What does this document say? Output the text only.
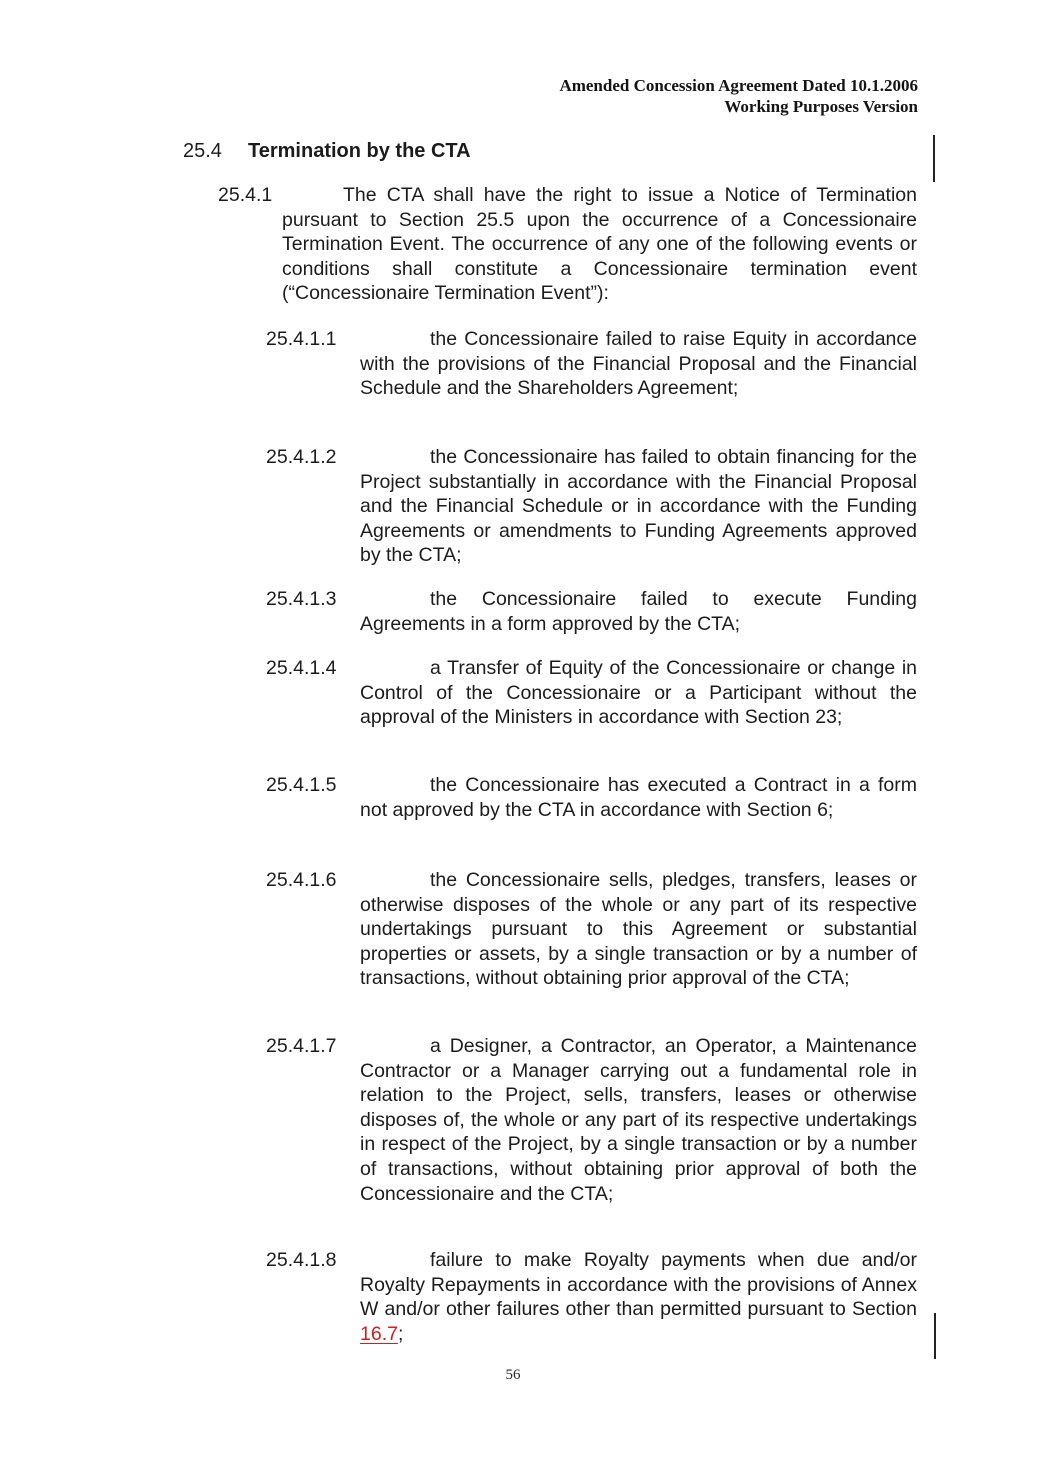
Amended Concession Agreement Dated 10.1.2006
Working Purposes Version
25.4 Termination by the CTA
25.4.1	The CTA shall have the right to issue a Notice of Termination pursuant to Section 25.5 upon the occurrence of a Concessionaire Termination Event. The occurrence of any one of the following events or conditions shall constitute a Concessionaire termination event (“Concessionaire Termination Event”):
25.4.1.1	the Concessionaire failed to raise Equity in accordance with the provisions of the Financial Proposal and the Financial Schedule and the Shareholders Agreement;
25.4.1.2	the Concessionaire has failed to obtain financing for the Project substantially in accordance with the Financial Proposal and the Financial Schedule or in accordance with the Funding Agreements or amendments to Funding Agreements approved by the CTA;
25.4.1.3	the Concessionaire failed to execute Funding Agreements in a form approved by the CTA;
25.4.1.4	a Transfer of Equity of the Concessionaire or change in Control of the Concessionaire or a Participant without the approval of the Ministers in accordance with Section 23;
25.4.1.5	the Concessionaire has executed a Contract in a form not approved by the CTA in accordance with Section 6;
25.4.1.6	the Concessionaire sells, pledges, transfers, leases or otherwise disposes of the whole or any part of its respective undertakings pursuant to this Agreement or substantial properties or assets, by a single transaction or by a number of transactions, without obtaining prior approval of the CTA;
25.4.1.7	a Designer, a Contractor, an Operator, a Maintenance Contractor or a Manager carrying out a fundamental role in relation to the Project, sells, transfers, leases or otherwise disposes of, the whole or any part of its respective undertakings in respect of the Project, by a single transaction or by a number of transactions, without obtaining prior approval of both the Concessionaire and the CTA;
25.4.1.8	failure to make Royalty payments when due and/or Royalty Repayments in accordance with the provisions of Annex W and/or other failures other than permitted pursuant to Section 16.7;
56
